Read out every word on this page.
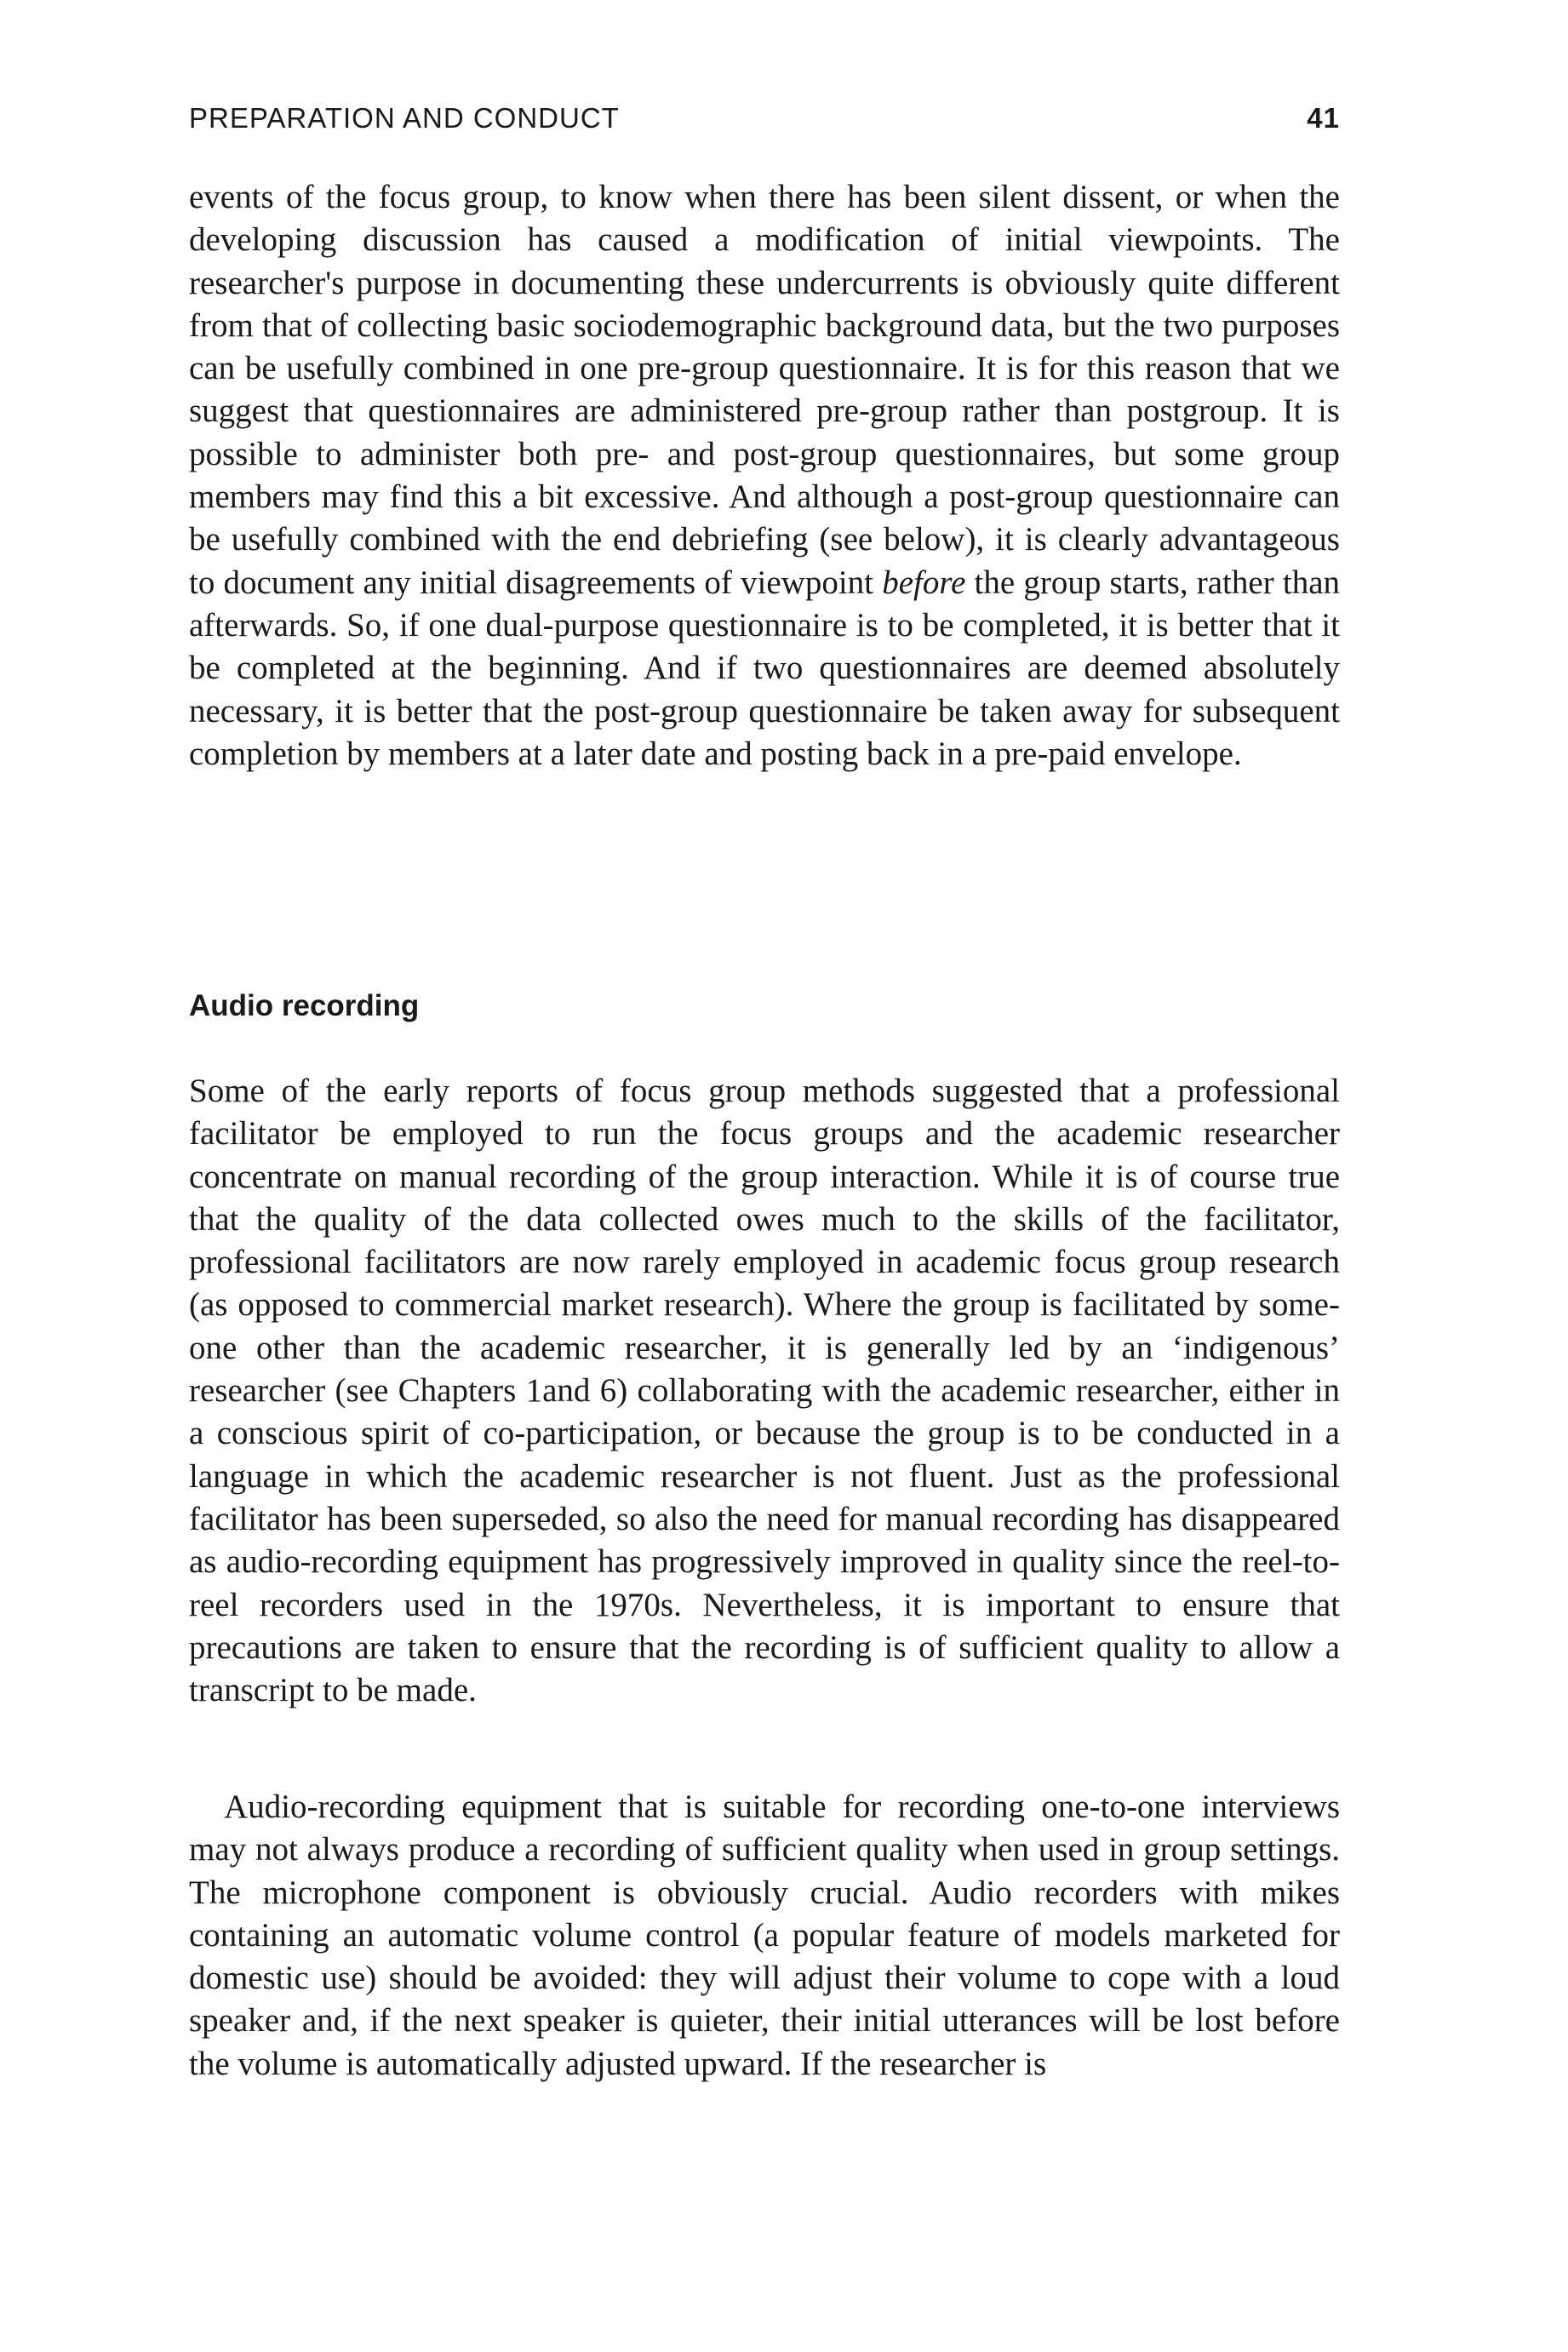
PREPARATION AND CONDUCT	41

events of the focus group, to know when there has been silent dissent, or when the developing discussion has caused a modification of initial viewpoints. The researcher's purpose in documenting these undercurrents is obviously quite different from that of collecting basic sociodemographic background data, but the two purposes can be usefully combined in one pre-group questionnaire. It is for this reason that we suggest that questionnaires are administered pre-group rather than postgroup. It is possible to administer both pre- and post-group questionnaires, but some group members may find this a bit excessive. And although a post-group questionnaire can be usefully combined with the end debriefing (see below), it is clearly advantageous to document any initial disagreements of viewpoint before the group starts, rather than afterwards. So, if one dual-purpose questionnaire is to be completed, it is better that it be completed at the beginning. And if two questionnaires are deemed absolutely necessary, it is better that the post-group questionnaire be taken away for subsequent completion by members at a later date and posting back in a pre-paid envelope.

Audio recording

Some of the early reports of focus group methods suggested that a professional facilitator be employed to run the focus groups and the academic researcher concentrate on manual recording of the group interaction. While it is of course true that the quality of the data collected owes much to the skills of the facilitator, professional facilitators are now rarely employed in academic focus group research (as opposed to commercial market research). Where the group is facilitated by someone other than the academic researcher, it is generally led by an ‘indigenous’ researcher (see Chapters 1and 6) collaborating with the academic researcher, either in a conscious spirit of co-participation, or because the group is to be conducted in a language in which the academic researcher is not fluent. Just as the professional facilitator has been superseded, so also the need for manual recording has disappeared as audio-recording equipment has progressively improved in quality since the reel-to-reel recorders used in the 1970s. Nevertheless, it is important to ensure that precautions are taken to ensure that the recording is of sufficient quality to allow a transcript to be made.

Audio-recording equipment that is suitable for recording one-to-one interviews may not always produce a recording of sufficient quality when used in group settings. The microphone component is obviously crucial. Audio recorders with mikes containing an automatic volume control (a popular feature of models marketed for domestic use) should be avoided: they will adjust their volume to cope with a loud speaker and, if the next speaker is quieter, their initial utterances will be lost before the volume is automatically adjusted upward. If the researcher is
